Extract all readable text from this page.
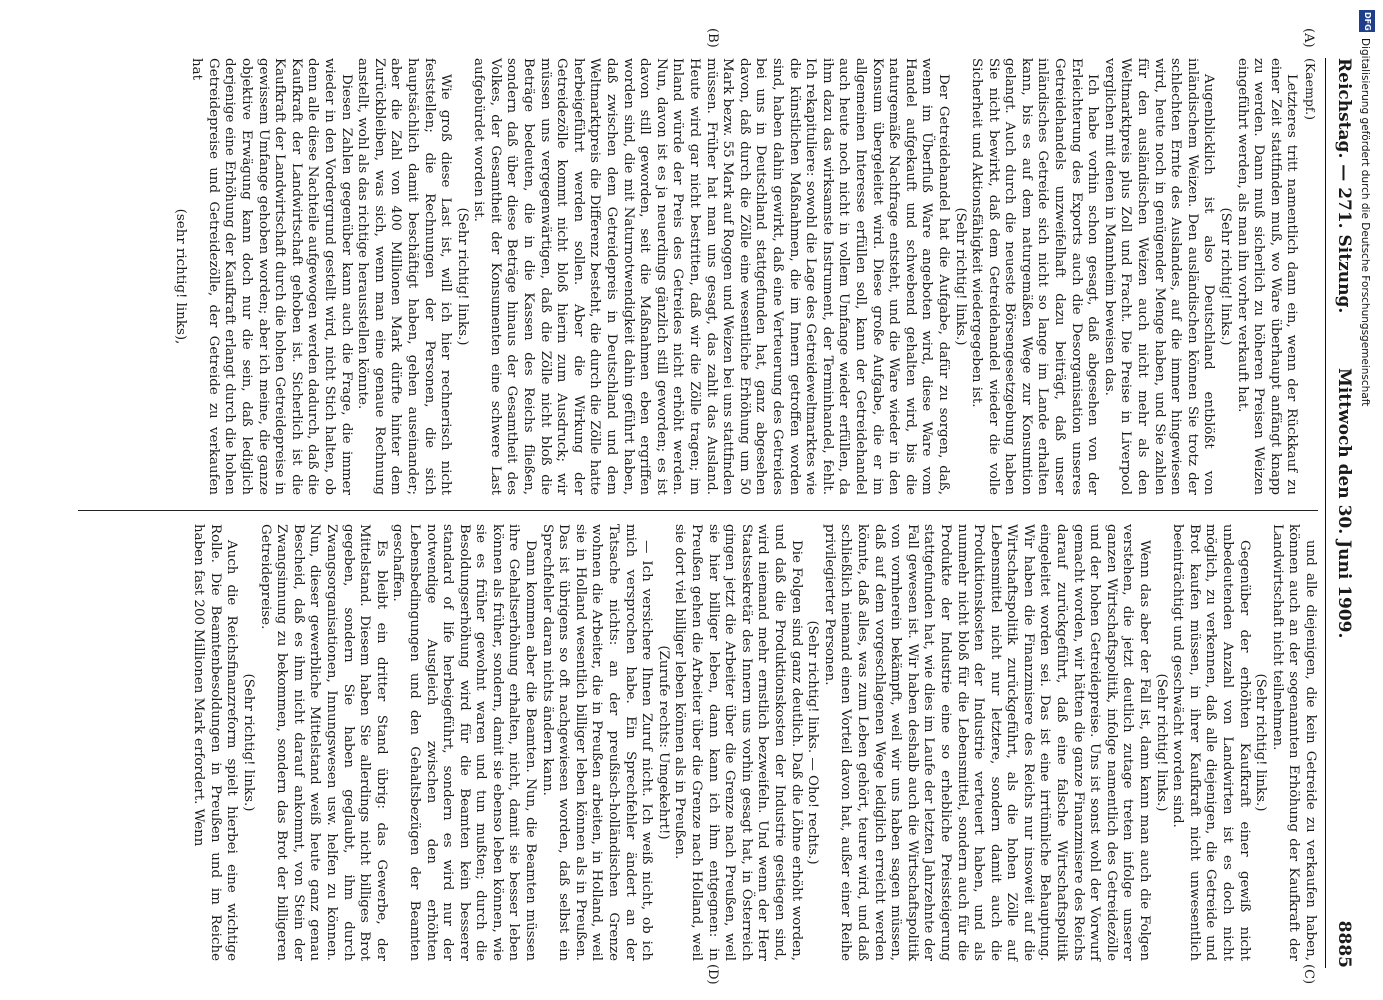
Reichstag. — 271. Sitzung.
Mittwoch den 30. Juni 1909.
8885
(Kaempf.)

Letzteres tritt namentlich dann ein, wenn der Rückkauf zu einer Zeit stattfinden muß, wo Ware überhaupt anfängt knapp zu werden. Dann muß sicherlich zu höheren Preisen Weizen eingeführt werden, als man ihn vorher verkauft hat.

(Sehr richtig! links.)

Augenblicklich ist also Deutschland entblößt von inländischem Weizen. Den ausländischen können Sie trotz der schlechten Ernte des Auslandes, auf die immer hingewiesen wird, heute noch in genügender Menge haben, und Sie zahlen für den ausländischen Weizen auch nicht mehr als den Weltmarktpreis plus Zoll und Fracht. Die Preise in Liverpool verglichen mit denen in Mannheim beweisen das.

Ich habe vorhin schon gesagt, daß abgesehen von der Erleichterung des Exports auch die Desorganisation unseres Getreidehandels unzweifelhaft dazu beiträgt, daß unser inländisches Getreide sich nicht so lange im Lande erhalten kann, bis es auf dem naturgemäßen Wege zur Konsumtion gelangt. Auch durch die neueste Börsengesetzgebung haben Sie nicht bewirkt, daß dem Getreidehandel wieder die volle Sicherheit und Aktionsfähigkeit wiedergegeben ist.

(Sehr richtig! links.)

Der Getreidehandel hat die Aufgabe, dafür zu sorgen, daß, wenn im Überfluß Ware angeboten wird, diese Ware vom Handel aufgekauft und schwebend gehalten wird, bis die naturgemäße Nachfrage entsteht, und die Ware wieder in den Konsum übergeleitet wird. Diese große Aufgabe, die er im allgemeinen Interesse erfüllen soll, kann der Getreidehandel auch heute noch nicht in vollem Umfange wieder erfüllen, da ihm dazu das wirksamste Instrument, der Terminhandel, fehlt. Ich rekapituliere: sowohl die Lage des Getreideweltmarktes wie die künstlichen Maßnahmen, die im Innern getroffen worden sind, haben dahin gewirkt, daß eine Verteuerung des Getreides bei uns in Deutschland stattgefunden hat, ganz abgesehen davon, daß durch die Zölle eine wesentliche Erhöhung um 50 Mark bezw. 55 Mark auf Roggen und Weizen bei uns stattfinden müssen. Früher hat man uns gesagt, das zahlt das Ausland. Heute wird gar nicht bestritten, daß wir die Zölle tragen; im Inland würde der Preis des Getreides nicht erhöht werden. Nun, davon ist es ja neuerdings gänzlich still geworden; es ist davon still geworden, seit die Maßnahmen eben ergriffen worden sind, die mit Naturnotwendigkeit dahin geführt haben, daß zwischen dem Getreidepreis in Deutschland und dem Weltmarktpreis die Differenz besteht, die durch die Zölle hatte herbeigeführt werden sollen. Aber die Wirkung der Getreidezölle kommt nicht bloß hierin zum Ausdruck; wir müssen uns vergegenwärtigen, daß die Zölle nicht bloß die Beträge bedeuten, die in die Kassen des Reichs fließen, sondern daß über diese Beträge hinaus der Gesamtheit des Volkes, der Gesamtheit der Konsumenten eine schwere Last aufgebürdet worden ist.

(Sehr richtig! links.)

Wie groß diese Last ist, will ich hier rechnerisch nicht feststellen; die Rechnungen der Personen, die sich hauptsächlich damit beschäftigt haben, gehen auseinander; aber die Zahl von 400 Millionen Mark dürfte hinter dem Zurückbleiben, was sich, wenn man eine genaue Rechnung anstellt, wohl als das richtige herausstellen könnte.

Diesen Zahlen gegenüber kann auch die Frage, die immer wieder in den Vordergrund gestellt wird, nicht Stich halten, ob denn alle diese Nachteile aufgewogen werden dadurch, daß die Kaufkraft der Landwirtschaft gehoben ist. Sicherlich ist die Kaufkraft der Landwirtschaft durch die hohen Getreidepreise in gewissem Umfange gehoben worden; aber ich meine, die ganze objektive Erwägung kann doch nur die sein, daß lediglich derjenige eine Erhöhung der Kaufkraft erlangt durch die hohen Getreidepreise und Getreidezölle, der Getreide zu verkaufen hat

(sehr richtig! links),

und alle diejenigen, die kein Getreide zu verkaufen haben, können auch an der sogenannten Erhöhung der Kaufkraft der Landwirtschaft nicht teilnehmen.

(Sehr richtig! links.)

Gegenüber der erhöhten Kaufkraft einer gewiß nicht unbedeutenden Anzahl von Landwirten ist es doch nicht möglich, zu verkennen, daß alle diejenigen, die Getreide und Brot kaufen müssen, in ihrer Kaufkraft nicht unwesentlich beeinträchtigt und geschwächt worden sind.

(Sehr richtig! links.)

Wenn das aber der Fall ist, dann kann man auch die Folgen verstehen, die jetzt deutlich zutage treten infolge unserer ganzen Wirtschaftspolitik, infolge namentlich des Getreidezölle und der hohen Getreidepreise. Uns ist sonst wohl der Vorwurf gemacht worden, wir hätten die ganze Finanzmisere des Reichs darauf zurückgeführt, daß eine falsche Wirtschaftspolitik eingeleitet worden sei. Das ist eine irrtümliche Behauptung. Wir haben die Finanzmisere des Reichs nur insoweit auf die Wirtschaftspolitik zurückgeführt, als die hohen Zölle auf Lebensmittel nicht nur letztere, sondern damit auch die Produktionskosten der Industrie verteuert haben, und als nunmehr nicht bloß für die Lebensmittel, sondern auch für die Produkte der Industrie eine so erhebliche Preissteigerung stattgefunden hat, wie dies im Laufe der letzten Jahrzehnte der Fall gewesen ist. Wir haben deshalb auch die Wirtschaftspolitik von vornherein bekämpft, weil wir uns haben sagen müssen, daß auf dem vorgeschlagenen Wege lediglich erreicht werden könnte, daß alles, was zum Leben gehört, teurer wird, und daß schließlich niemand einen Vorteil davon hat, außer einer Reihe privilegierter Personen.

(Sehr richtig! links. — Oho! rechts.)

Die Folgen sind ganz deutlich. Daß die Löhne erhöht worden, und daß die Produktionskosten der Industrie gestiegen sind, wird niemand mehr ernstlich bezweifeln. Und wenn der Herr Staatssekretär des Innern uns vorhin gesagt hat, in Österreich gingen jetzt die Arbeiter über die Grenze nach Preußen, weil sie hier billiger leben, dann kann ich ihm entgegnen: in Preußen gehen die Arbeiter über die Grenze nach Holland, weil sie dort viel billiger leben können als in Preußen.

(Zurufe rechts: Umgekehrt!)

— Ich versichere Ihnen Zuruf nicht. Ich weiß nicht, ob ich mich versprochen habe. Ein Sprechfehler ändert an der Tatsache nichts: an der preußisch-holländischen Grenze wohnen die Arbeiter, die in Preußen arbeiten, in Holland, weil sie in Holland wesentlich billiger leben können als in Preußen. Das ist übrigens so oft nachgewiesen worden, daß selbst ein Sprechfehler daran nichts ändern kann.

Dann kommen aber die Beamten. Nun, die Beamten müssen ihre Gehaltserhöhung erhalten, nicht, damit sie besser leben können als früher, sondern, damit sie ebenso leben können, wie sie es früher gewohnt waren und tun mußten; durch die Besoldungserhöhung wird für die Beamten kein besserer standard of life herbeigeführt, sondern es wird nur der notwendige Ausgleich zwischen den erhöhten Lebensbedingungen und den Gehaltsbezügen der Beamten geschaffen.

Es bleibt ein dritter Stand übrig: das Gewerbe, der Mittelstand. Diesem haben Sie allerdings nicht billiges Brot gegeben, sondern Sie haben geglaubt, ihm durch Zwangsorganisationen, Innungswesen usw. helfen zu können. Nun, dieser gewerbliche Mittelstand weiß heute ganz genau Bescheid, daß es ihm nicht darauf ankommt, von Stein der Zwangsinnung zu bekommen, sondern das Brot der billigeren Getreidepreise.

(Sehr richtig! links.)

Auch die Reichsfinanzreform spielt hierbei eine wichtige Rolle. Die Beamtenbesoldungen in Preußen und im Reiche haben fast 200 Millionen Mark erfordert. Wenn

(A)
(B)
(C)
(D)
DFG
Digitalisierung gefördert durch die Deutsche Forschungsgemeinschaft
